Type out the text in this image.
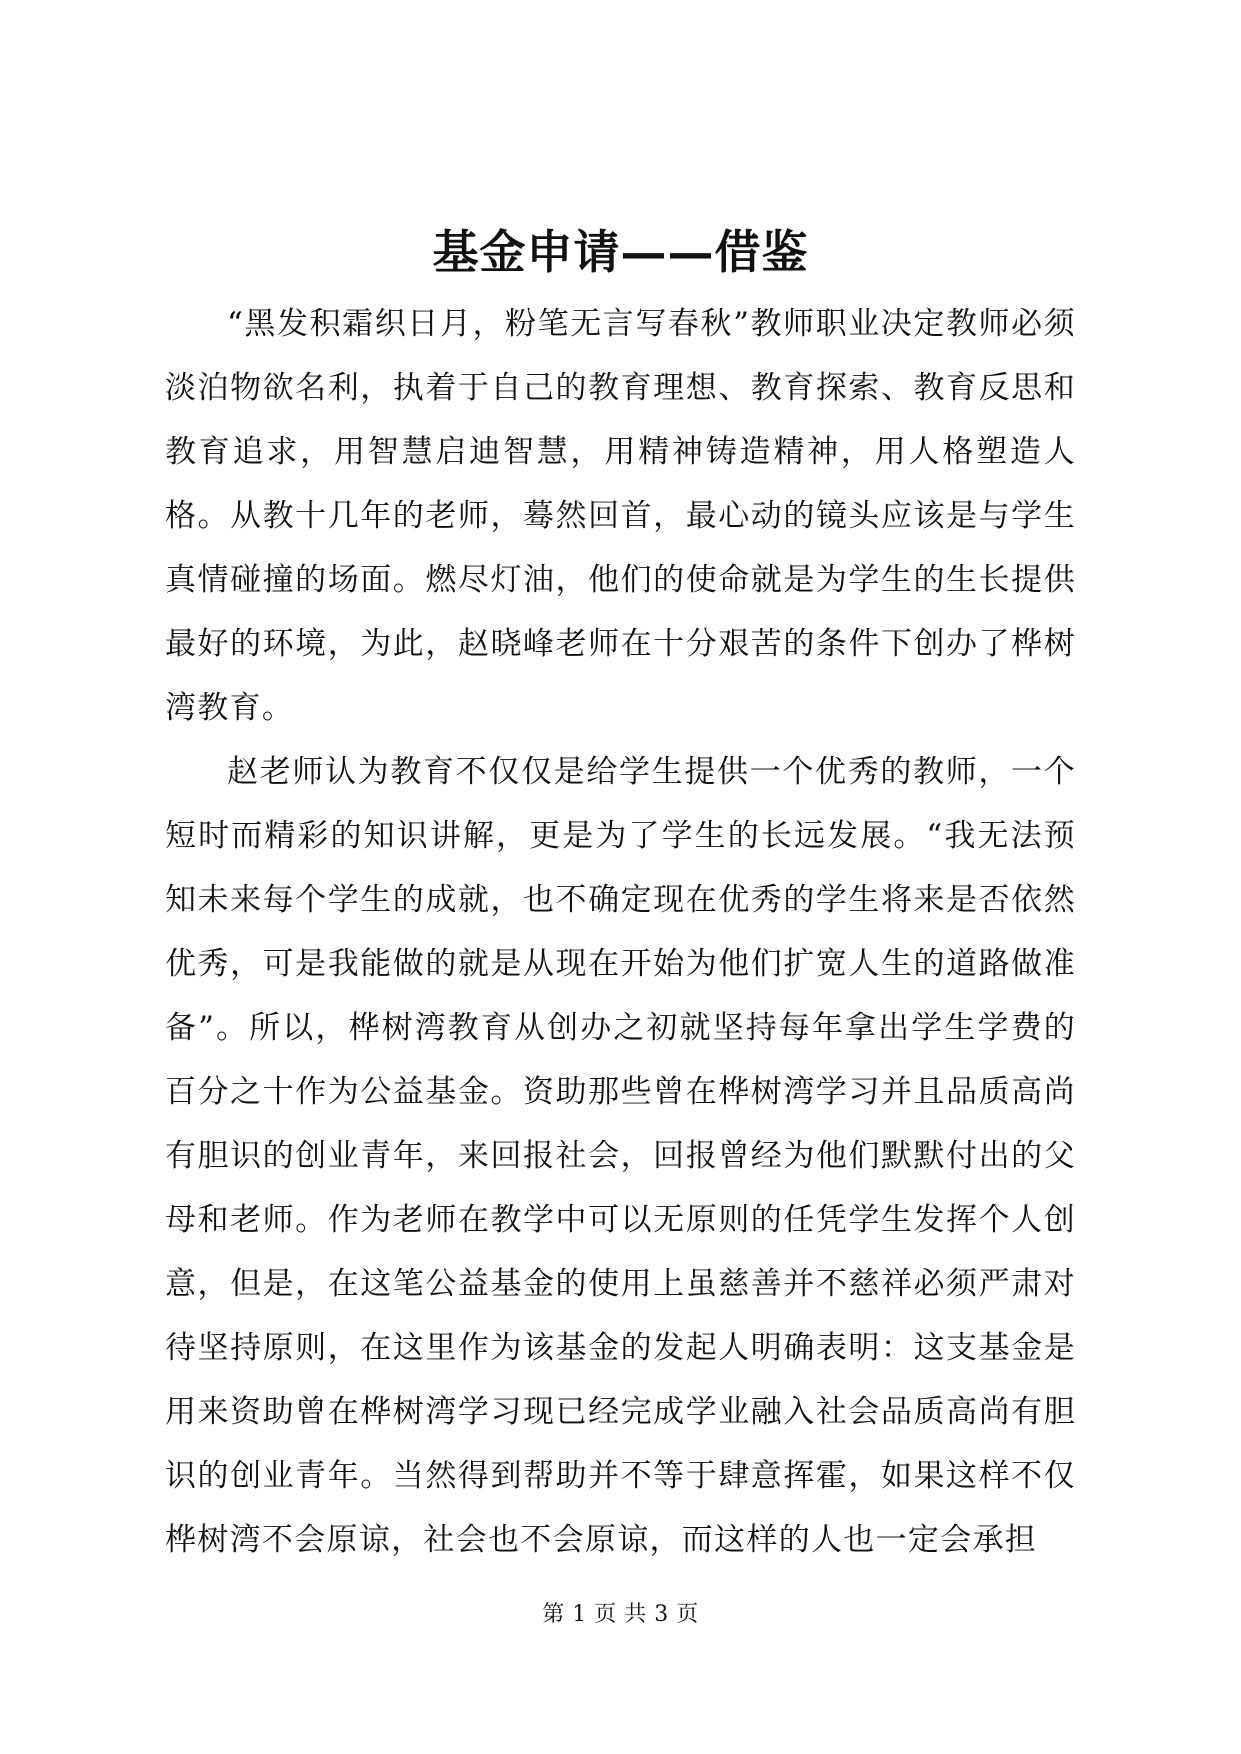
基金申请——借鉴

“黑发积霜织日月，粉笔无言写春秋”教师职业决定教师必须淡泊物欲名利，执着于自己的教育理想、教育探索、教育反思和教育追求，用智慧启迪智慧，用精神铸造精神，用人格塑造人格。从教十几年的老师，蓦然回首，最心动的镜头应该是与学生真情碰撞的场面。燃尽灯油，他们的使命就是为学生的生长提供最好的环境，为此，赵晓峰老师在十分艰苦的条件下创办了桦树湾教育。

赵老师认为教育不仅仅是给学生提供一个优秀的教师，一个短时而精彩的知识讲解，更是为了学生的长远发展。“我无法预知未来每个学生的成就，也不确定现在优秀的学生将来是否依然优秀，可是我能做的就是从现在开始为他们扩宽人生的道路做准备”。所以，桦树湾教育从创办之初就坚持每年拿出学生学费的百分之十作为公益基金。资助那些曾在桦树湾学习并且品质高尚有胆识的创业青年，来回报社会，回报曾经为他们默默付出的父母和老师。作为老师在教学中可以无原则的任凭学生发挥个人创意，但是，在这笔公益基金的使用上虽慈善并不慈祥必须严肃对待坚持原则，在这里作为该基金的发起人明确表明：这支基金是用来资助曾在桦树湾学习现已经完成学业融入社会品质高尚有胆识的创业青年。当然得到帮助并不等于肆意挥霍，如果这样不仅桦树湾不会原谅，社会也不会原谅，而这样的人也一定会承担

第 1 页 共 3 页
